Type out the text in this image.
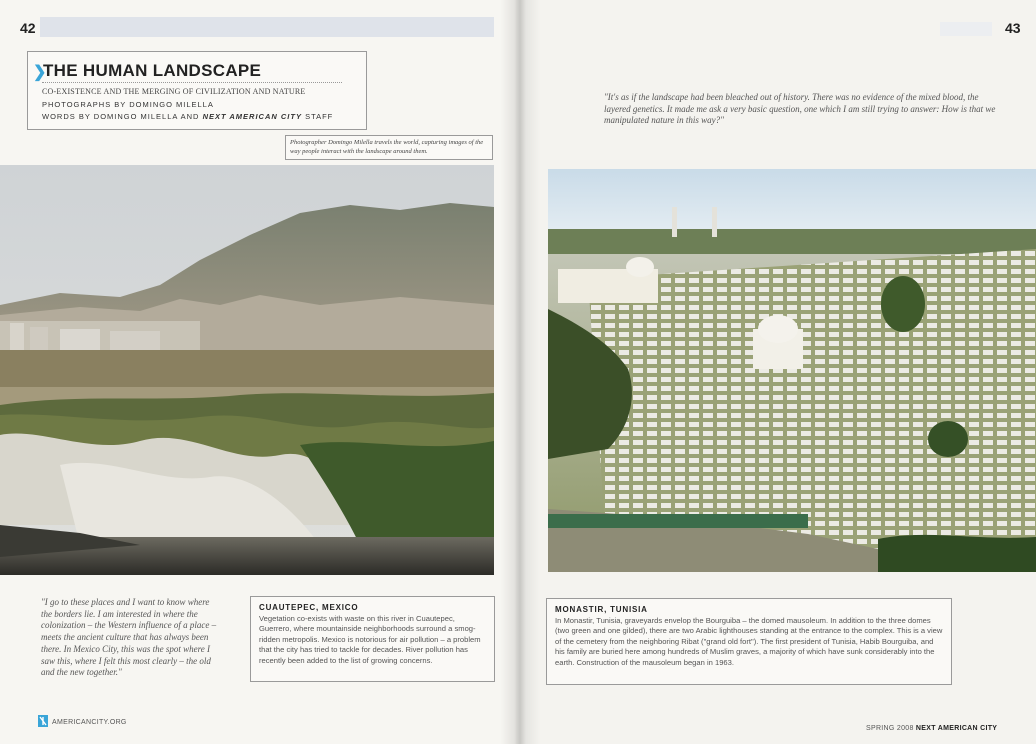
42	43
❯
THE HUMAN LANDSCAPE
CO-EXISTENCE AND THE MERGING OF CIVILIZATION AND NATURE
PHOTOGRAPHS BY DOMINGO MILELLA
WORDS BY DOMINGO MILELLA AND NEXT AMERICAN CITY STAFF
Photographer Domingo Milella travels the world, capturing images of the way people interact with the landscape around them.
"It's as if the landscape had been bleached out of history. There was no evidence of the mixed blood, the layered genetics. It made me ask a very basic question, one which I am still trying to answer: How is that we manipulated nature in this way?"
"I go to these places and I want to know where the borders lie. I am interested in where the colonization – the Western influence of a place – meets the ancient culture that has always been there. In Mexico City, this was the spot where I saw this, where I felt this most clearly – the old and the new together."
CUAUTEPEC, MEXICO
Vegetation co-exists with waste on this river in Cuautepec, Guerrero, where mountainside neighborhoods surround a smog-ridden metropolis. Mexico is notorious for air pollution – a problem that the city has tried to tackle for decades. River pollution has recently been added to the list of growing concerns.
MONASTIR, TUNISIA
In Monastir, Tunisia, graveyards envelop the Bourguiba – the domed mausoleum. In addition to the three domes (two green and one gilded), there are two Arabic lighthouses standing at the entrance to the complex. This is a view of the cemetery from the neighboring Ribat ("grand old fort"). The first president of Tunisia, Habib Bourguiba, and his family are buried here among hundreds of Muslim graves, a majority of which have sunk considerably into the earth. Construction of the mausoleum began in 1963.
AMERICANCITY.ORG
SPRING 2008 NEXT AMERICAN CITY
